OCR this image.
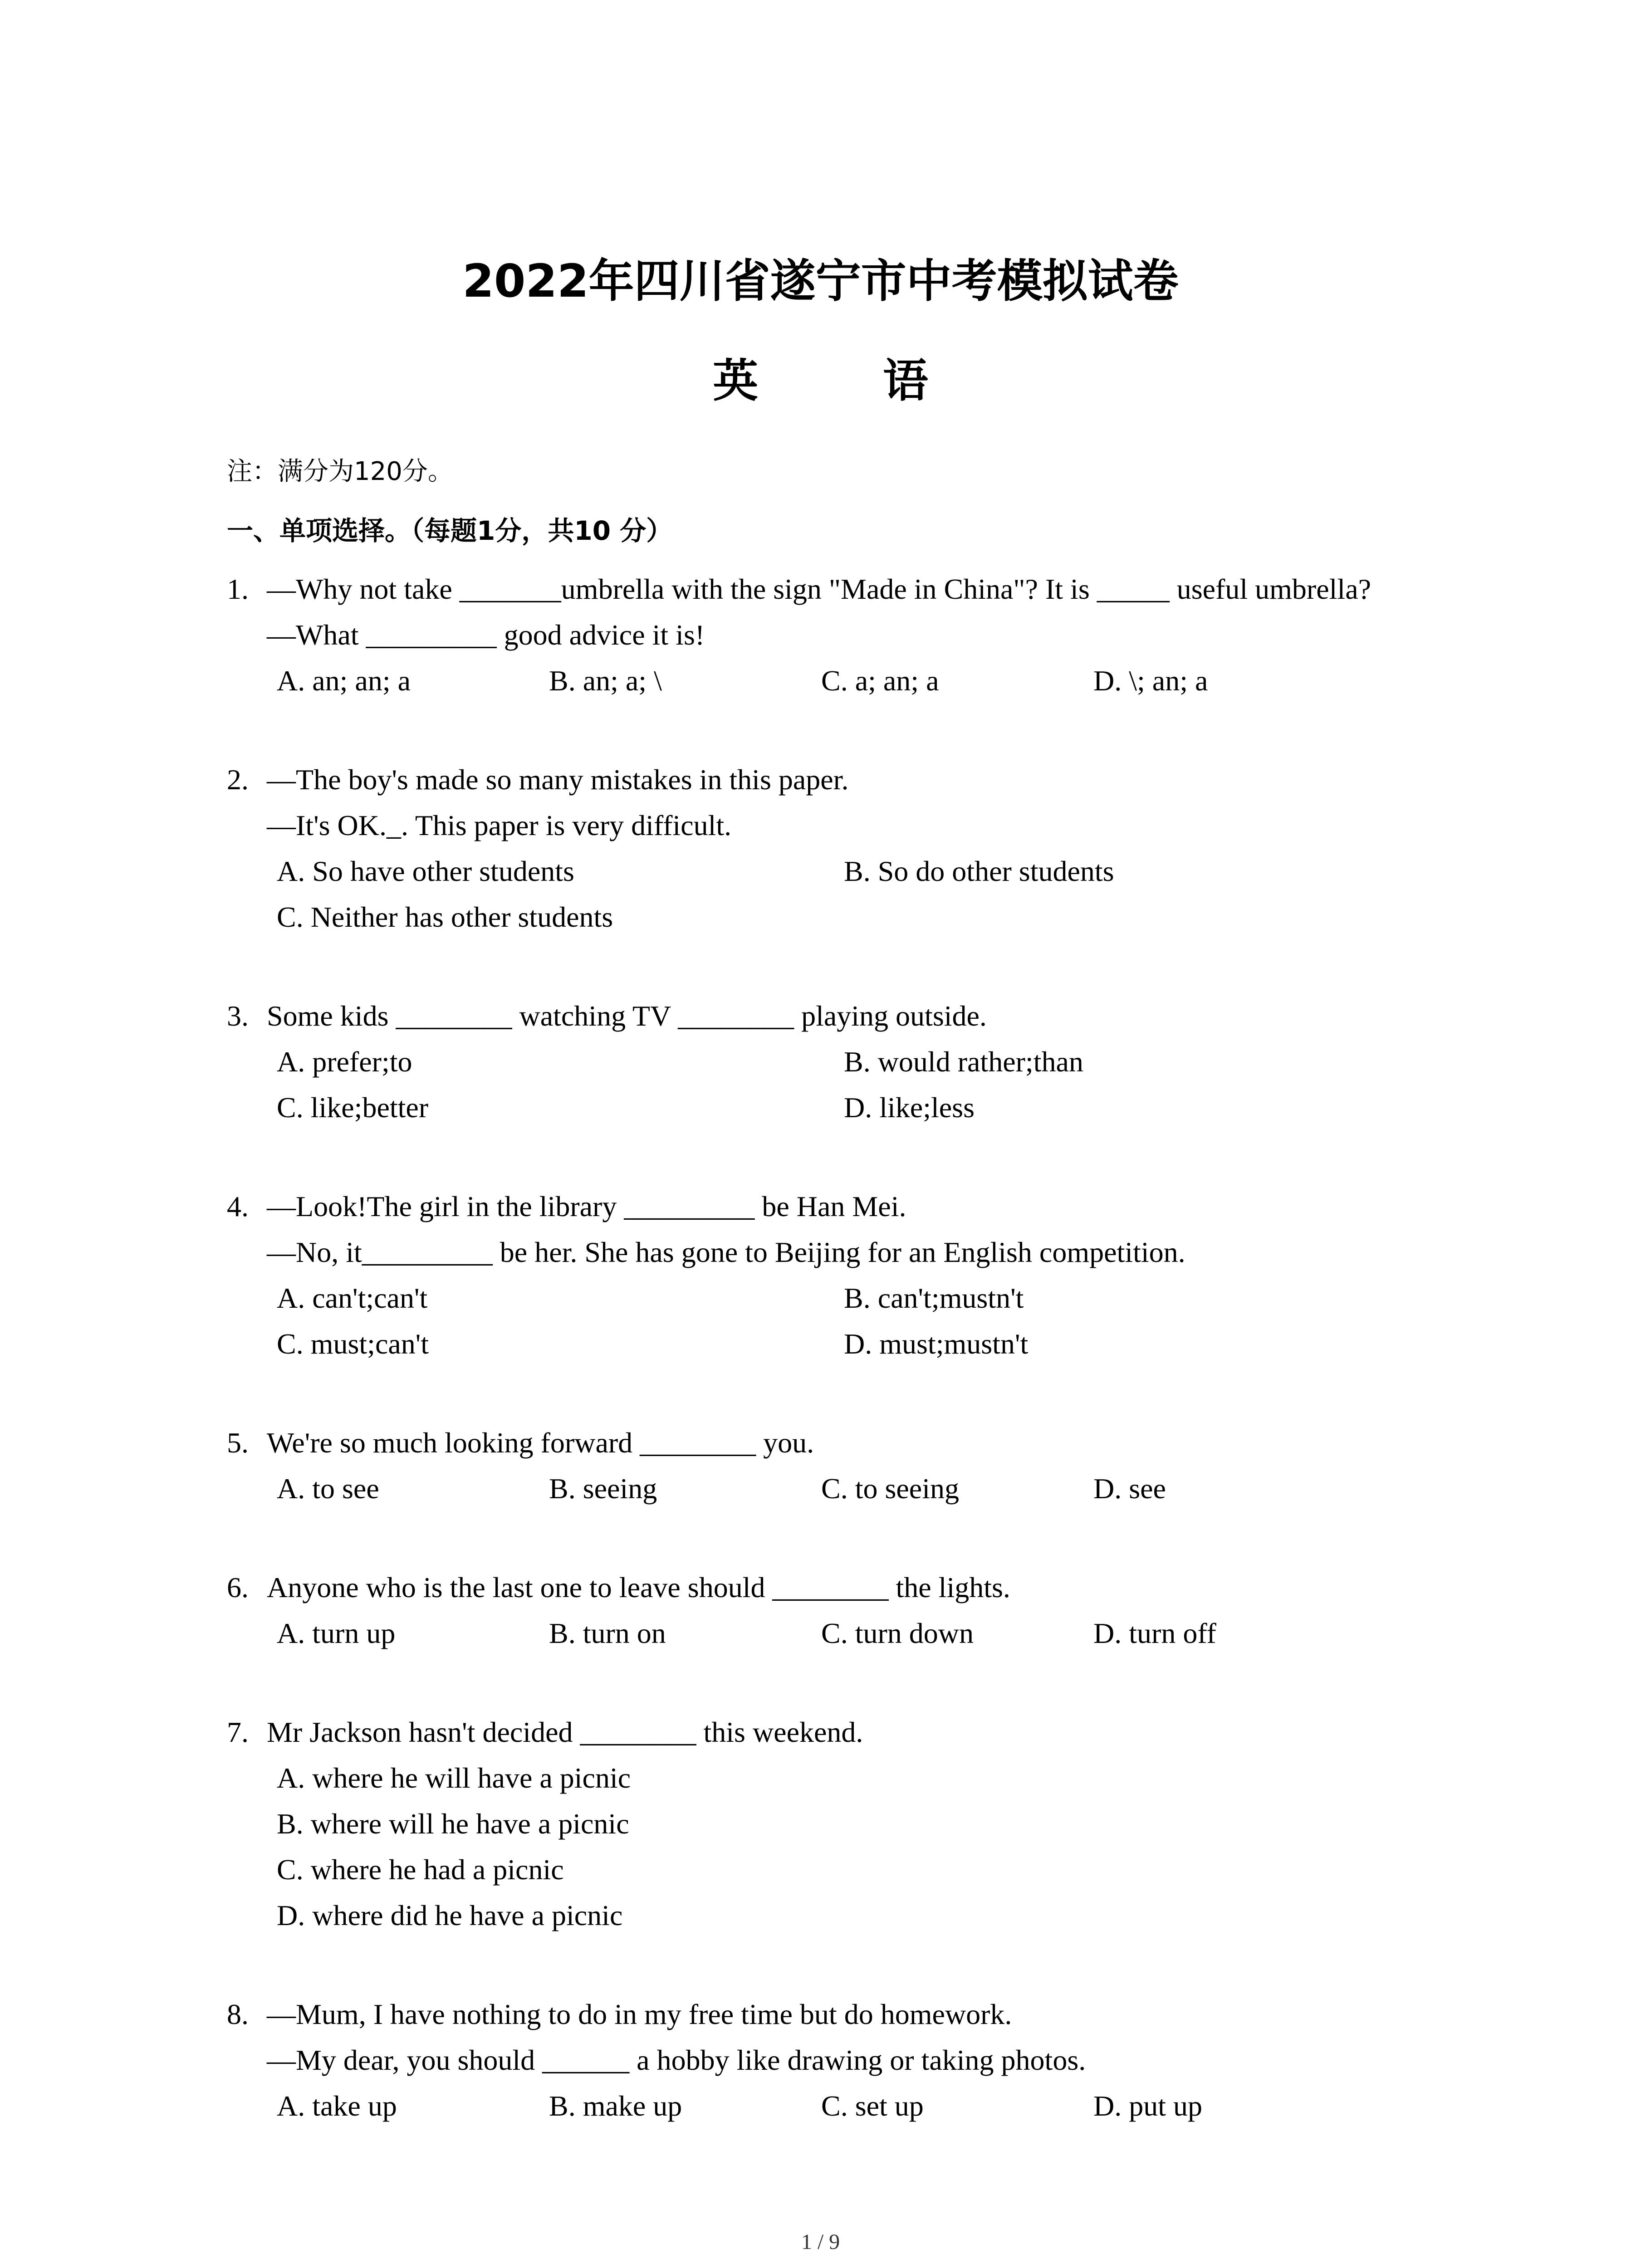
2022年四川省遂宁市中考模拟试卷
英 语
注：满分为120分。
一、单项选择。（每题1分，共10 分）
1. —Why not take _______umbrella with the sign "Made in China"? It is _____ useful umbrella?
—What _________ good advice it is!

A. an; an; a

	B. an; a; \

	C. a; an; a

	D. \; an; a

2. —The boy's made so many mistakes in this paper.
—It's OK._. This paper is very difficult.

A. So have other students

	B. So do other students

C. Neither has other students

3. Some kids ________ watching TV ________ playing outside.

A. prefer;to

	B. would rather;than

C. like;better

	D. like;less

4. —Look!The girl in the library _________ be Han Mei.
—No, it_________ be her. She has gone to Beijing for an English competition.

A. can't;can't

	B. can't;mustn't

C. must;can't

	D. must;mustn't

5. We're so much looking forward ________ you.

A. to see

	B. seeing

	C. to seeing

	D. see

6. Anyone who is the last one to leave should ________ the lights.

A. turn up

	B. turn on

	C. turn down

	D. turn off

7. Mr Jackson hasn't decided ________ this weekend.

A. where he will have a picnic

B. where will he have a picnic

C. where he had a picnic

D. where did he have a picnic

8. —Mum, I have nothing to do in my free time but do homework.
—My dear, you should ______ a hobby like drawing or taking photos.

A. take up

	B. make up

	C. set up

	D. put up

1 / 9
